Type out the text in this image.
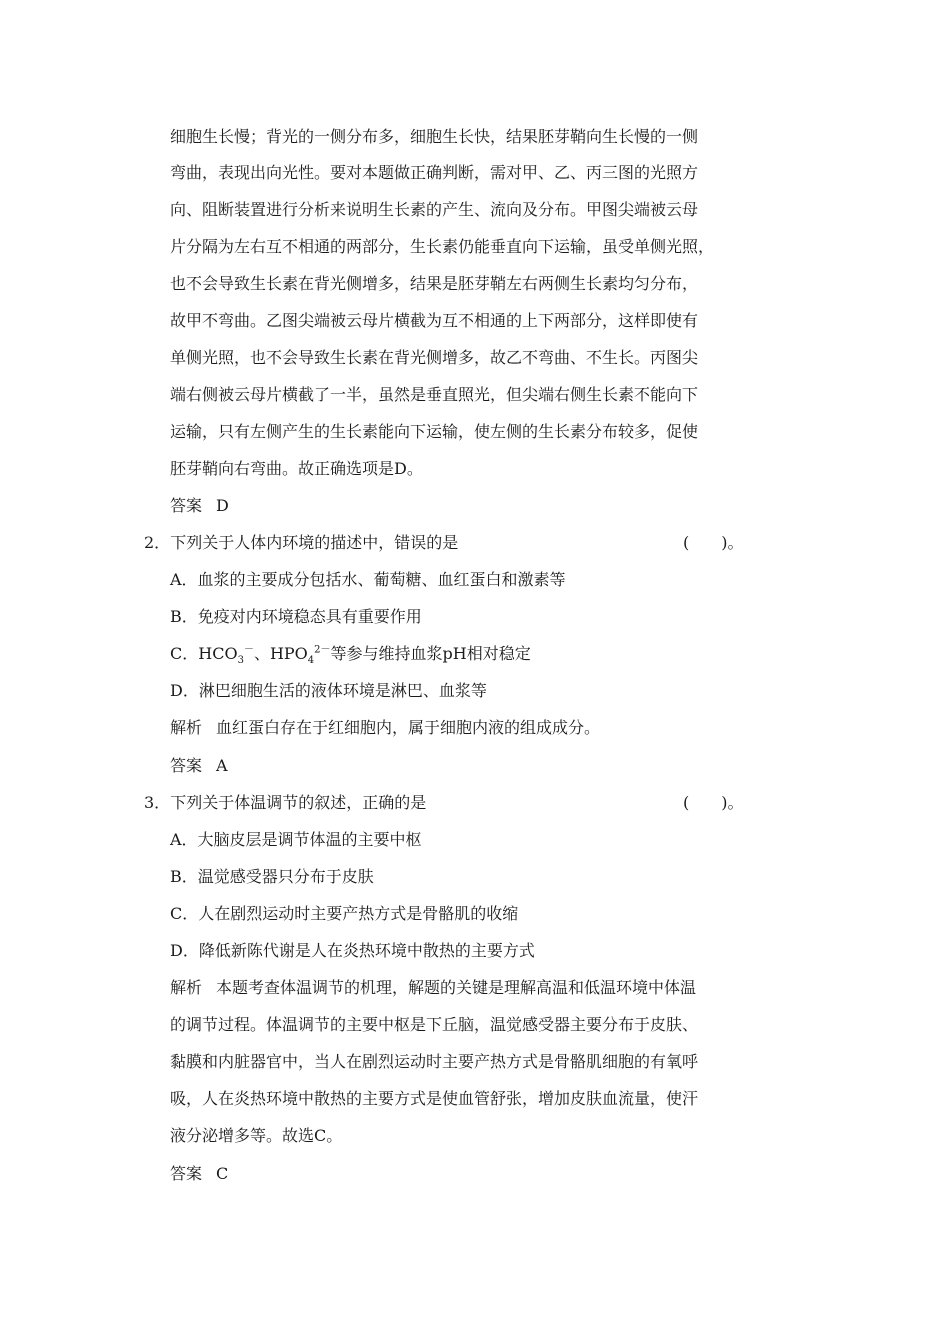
细胞生长慢；背光的一侧分布多，细胞生长快，结果胚芽鞘向生长慢的一侧
弯曲，表现出向光性。要对本题做正确判断，需对甲、乙、丙三图的光照方
向、阻断装置进行分析来说明生长素的产生、流向及分布。甲图尖端被云母
片分隔为左右互不相通的两部分，生长素仍能垂直向下运输，虽受单侧光照，
也不会导致生长素在背光侧增多，结果是胚芽鞘左右两侧生长素均匀分布，
故甲不弯曲。乙图尖端被云母片横截为互不相通的上下两部分，这样即使有
单侧光照，也不会导致生长素在背光侧增多，故乙不弯曲、不生长。丙图尖
端右侧被云母片横截了一半，虽然是垂直照光，但尖端右侧生长素不能向下
运输，只有左侧产生的生长素能向下运输，使左侧的生长素分布较多，促使
胚芽鞘向右弯曲。故正确选项是D。
答案 D
2．下列关于人体内环境的描述中，错误的是	(　　)。
A．血浆的主要成分包括水、葡萄糖、血红蛋白和激素等
B．免疫对内环境稳态具有重要作用
C．$HCO_3^-$、$HPO_4^{2-}$等参与维持血浆pH相对稳定
D．淋巴细胞生活的液体环境是淋巴、血浆等
解析 血红蛋白存在于红细胞内，属于细胞内液的组成成分。
答案 A
3．下列关于体温调节的叙述，正确的是	(　　)。
A．大脑皮层是调节体温的主要中枢
B．温觉感受器只分布于皮肤
C．人在剧烈运动时主要产热方式是骨骼肌的收缩
D．降低新陈代谢是人在炎热环境中散热的主要方式
解析 本题考查体温调节的机理，解题的关键是理解高温和低温环境中体温
的调节过程。体温调节的主要中枢是下丘脑，温觉感受器主要分布于皮肤、
黏膜和内脏器官中，当人在剧烈运动时主要产热方式是骨骼肌细胞的有氧呼
吸，人在炎热环境中散热的主要方式是使血管舒张，增加皮肤血流量，使汗
液分泌增多等。故选C。
答案 C
